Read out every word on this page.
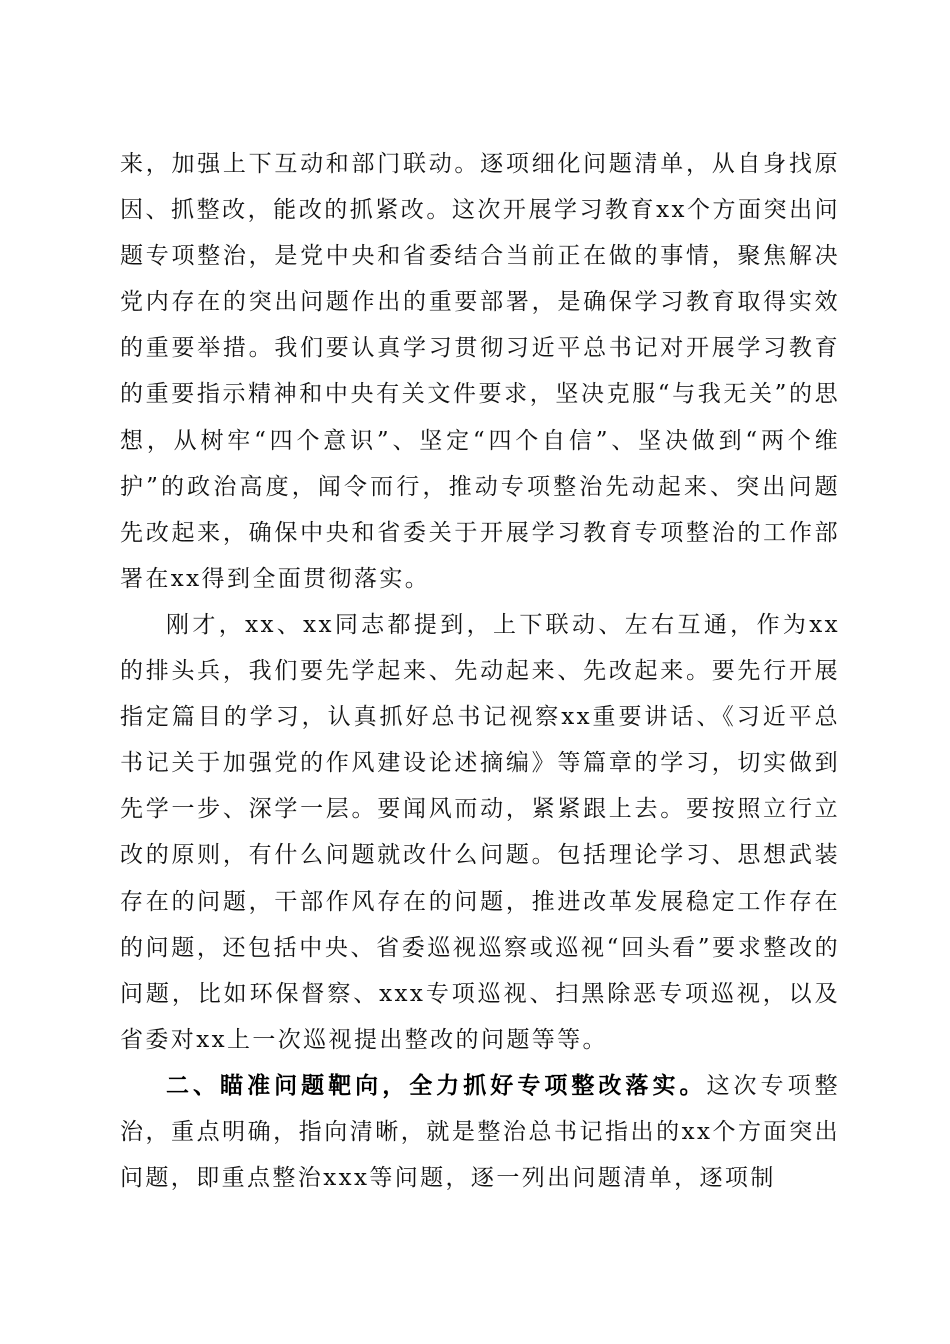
来，加强上下互动和部门联动。逐项细化问题清单，从自身找原因、抓整改，能改的抓紧改。这次开展学习教育xx个方面突出问题专项整治，是党中央和省委结合当前正在做的事情，聚焦解决党内存在的突出问题作出的重要部署，是确保学习教育取得实效的重要举措。我们要认真学习贯彻习近平总书记对开展学习教育的重要指示精神和中央有关文件要求，坚决克服“与我无关”的思想，从树牢“四个意识”、坚定“四个自信”、坚决做到“两个维护”的政治高度，闻令而行，推动专项整治先动起来、突出问题先改起来，确保中央和省委关于开展学习教育专项整治的工作部署在xx得到全面贯彻落实。

刚才，xx、xx同志都提到，上下联动、左右互通，作为xx的排头兵，我们要先学起来、先动起来、先改起来。要先行开展指定篇目的学习，认真抓好总书记视察xx重要讲话、《习近平总书记关于加强党的作风建设论述摘编》等篇章的学习，切实做到先学一步、深学一层。要闻风而动，紧紧跟上去。要按照立行立改的原则，有什么问题就改什么问题。包括理论学习、思想武装存在的问题，干部作风存在的问题，推进改革发展稳定工作存在的问题，还包括中央、省委巡视巡察或巡视“回头看”要求整改的问题，比如环保督察、xxx专项巡视、扫黑除恶专项巡视，以及省委对xx上一次巡视提出整改的问题等等。

二、瞄准问题靶向，全力抓好专项整改落实。这次专项整治，重点明确，指向清晰，就是整治总书记指出的xx个方面突出问题，即重点整治xxx等问题，逐一列出问题清单，逐项制
